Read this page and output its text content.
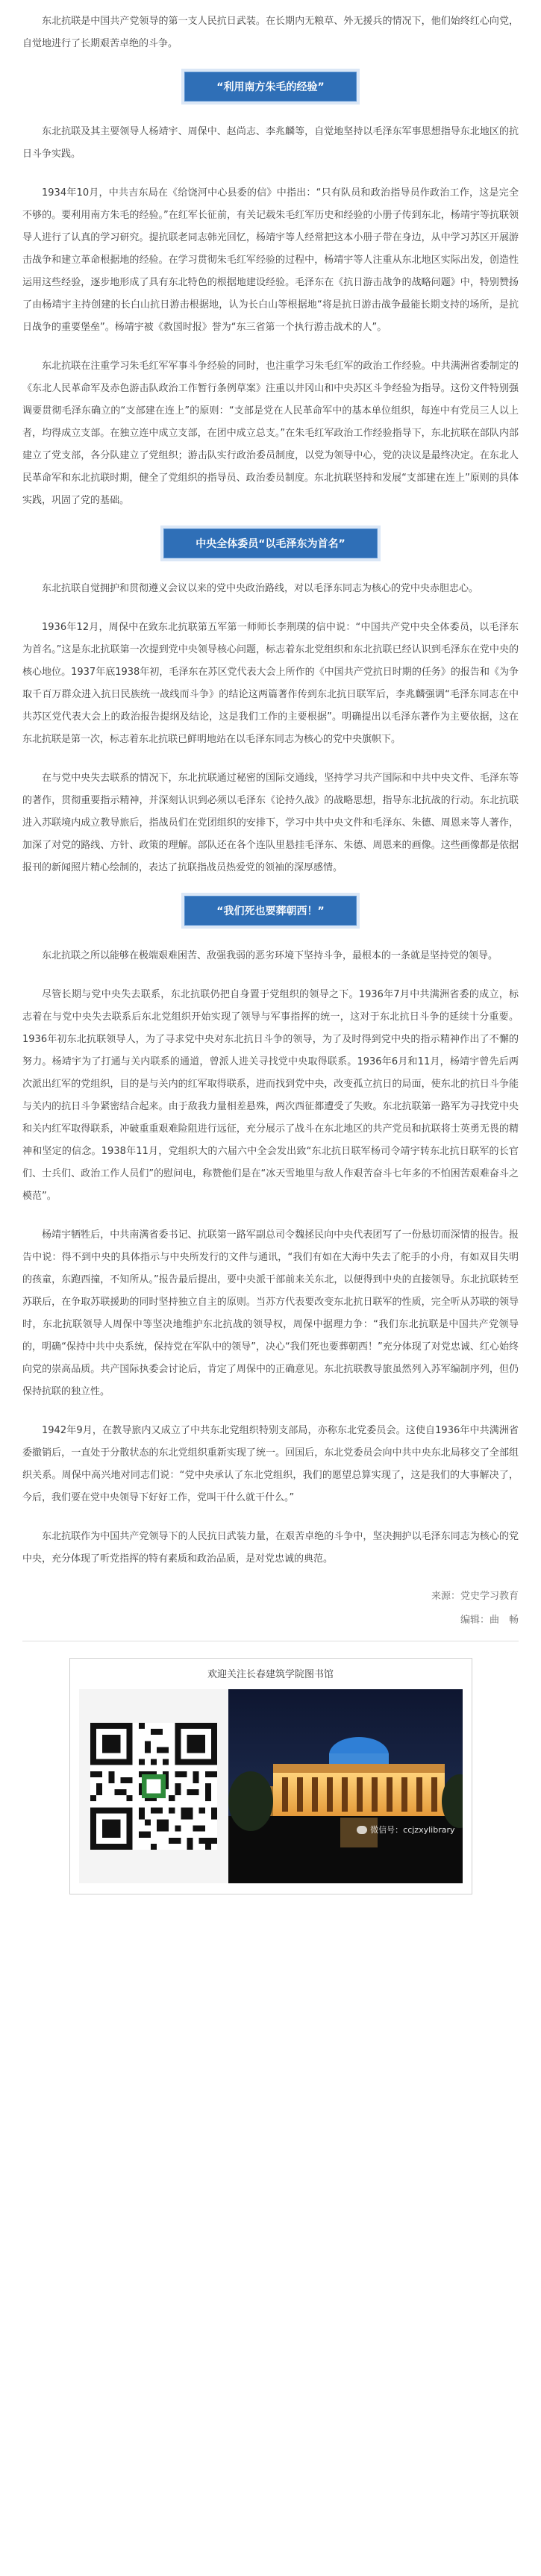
东北抗联是中国共产党领导的第一支人民抗日武装。在长期内无粮草、外无援兵的情况下，他们始终红心向党，自觉地进行了长期艰苦卓绝的斗争。

“利用南方朱毛的经验”

东北抗联及其主要领导人杨靖宇、周保中、赵尚志、李兆麟等，自觉地坚持以毛泽东军事思想指导东北地区的抗日斗争实践。

1934年10月，中共吉东局在《给饶河中心县委的信》中指出：“只有队员和政治指导员作政治工作，这是完全不够的。要利用南方朱毛的经验。”在红军长征前，有关记载朱毛红军历史和经验的小册子传到东北，杨靖宇等抗联领导人进行了认真的学习研究。提抗联老同志韩光回忆，杨靖宇等人经常把这本小册子带在身边，从中学习苏区开展游击战争和建立革命根据地的经验。在学习贯彻朱毛红军经验的过程中，杨靖宇等人注重从东北地区实际出发，创造性运用这些经验，逐步地形成了具有东北特色的根据地建设经验。毛泽东在《抗日游击战争的战略问题》中，特别赞扬了由杨靖宇主持创建的长白山抗日游击根据地，认为长白山等根据地“将是抗日游击战争最能长期支持的场所，是抗日战争的重要堡垒”。杨靖宇被《救国时报》誉为“东三省第一个执行游击战术的人”。

东北抗联在注重学习朱毛红军军事斗争经验的同时，也注重学习朱毛红军的政治工作经验。中共满洲省委制定的《东北人民革命军及赤色游击队政治工作暂行条例草案》注重以井冈山和中央苏区斗争经验为指导。这份文件特别强调要贯彻毛泽东确立的“支部建在连上”的原则：“支部是党在人民革命军中的基本单位组织，每连中有党员三人以上者，均得成立支部。在独立连中成立支部，在团中成立总支。”在朱毛红军政治工作经验指导下，东北抗联在部队内部建立了党支部，各分队建立了党组织；游击队实行政治委员制度，以党为领导中心，党的决议是最终决定。在东北人民革命军和东北抗联时期，健全了党组织的指导员、政治委员制度。东北抗联坚持和发展“支部建在连上”原则的具体实践，巩固了党的基础。

中央全体委员“以毛泽东为首名”

东北抗联自觉拥护和贯彻遵义会议以来的党中央政治路线，对以毛泽东同志为核心的党中央赤胆忠心。

1936年12月，周保中在致东北抗联第五军第一师师长李荆璞的信中说：“中国共产党中央全体委员，以毛泽东为首名。”这是东北抗联第一次提到党中央领导核心问题，标志着东北党组织和东北抗联已经认识到毛泽东在党中央的核心地位。1937年底1938年初，毛泽东在苏区党代表大会上所作的《中国共产党抗日时期的任务》的报告和《为争取千百万群众进入抗日民族统一战线而斗争》的结论这两篇著作传到东北抗日联军后，李兆麟强调“毛泽东同志在中共苏区党代表大会上的政治报告提纲及结论，这是我们工作的主要根据”。明确提出以毛泽东著作为主要依据，这在东北抗联是第一次，标志着东北抗联已鲜明地站在以毛泽东同志为核心的党中央旗帜下。

在与党中央失去联系的情况下，东北抗联通过秘密的国际交通线，坚持学习共产国际和中共中央文件、毛泽东等的著作，贯彻重要指示精神，并深刻认识到必须以毛泽东《论持久战》的战略思想，指导东北抗战的行动。东北抗联进入苏联境内成立教导旅后，指战员们在党团组织的安排下，学习中共中央文件和毛泽东、朱德、周恩来等人著作，加深了对党的路线、方针、政策的理解。部队还在各个连队里悬挂毛泽东、朱德、周恩来的画像。这些画像都是依据报刊的新闻照片精心绘制的，表达了抗联指战员热爱党的领袖的深厚感情。

“我们死也要葬朝西！”

东北抗联之所以能够在极端艰难困苦、敌强我弱的恶劣环境下坚持斗争，最根本的一条就是坚持党的领导。

尽管长期与党中央失去联系，东北抗联仍把自身置于党组织的领导之下。1936年7月中共满洲省委的成立，标志着在与党中央失去联系后东北党组织开始实现了领导与军事指挥的统一，这对于东北抗日斗争的延续十分重要。1936年初东北抗联领导人，为了寻求党中央对东北抗日斗争的领导，为了及时得到党中央的指示精神作出了不懈的努力。杨靖宇为了打通与关内联系的通道，曾派人进关寻找党中央取得联系。1936年6月和11月，杨靖宇曾先后两次派出红军的党组织，目的是与关内的红军取得联系，进而找到党中央，改变孤立抗日的局面，使东北的抗日斗争能与关内的抗日斗争紧密结合起来。由于敌我力量相差悬殊，两次西征都遭受了失败。东北抗联第一路军为寻找党中央和关内红军取得联系，冲破重重艰难险阻进行远征，充分展示了战斗在东北地区的共产党员和抗联将士英勇无畏的精神和坚定的信念。1938年11月，党组织大的六届六中全会发出致“东北抗日联军杨司令靖宇转东北抗日联军的长官们、士兵们、政治工作人员们”的慰问电，称赞他们是在“冰天雪地里与敌人作艰苦奋斗七年多的不怕困苦艰难奋斗之模范”。

杨靖宇牺牲后，中共南满省委书记、抗联第一路军副总司令魏拯民向中央代表团写了一份悬切而深情的报告。报告中说：得不到中央的具体指示与中央所发行的文件与通讯，“我们有如在大海中失去了舵手的小舟，有如双目失明的孩童，东跑西撞，不知所从。”报告最后提出，要中央派干部前来关东北，以便得到中央的直接领导。东北抗联转至苏联后，在争取苏联援助的同时坚持独立自主的原则。当苏方代表要改变东北抗日联军的性质，完全听从苏联的领导时，东北抗联领导人周保中等坚决地维护东北抗战的领导权，周保中据理力争：“我们东北抗联是中国共产党领导的，明确“保持中共中央系统，保持党在军队中的领导”，决心“我们死也要葬朝西！”充分体现了对党忠诚、红心始终向党的崇高品质。共产国际执委会讨论后，肯定了周保中的正确意见。东北抗联教导旅虽然列入苏军编制序列，但仍保持抗联的独立性。

1942年9月，在教导旅内又成立了中共东北党组织特别支部局，亦称东北党委员会。这使自1936年中共满洲省委撤销后，一直处于分散状态的东北党组织重新实现了统一。回国后，东北党委员会向中共中央东北局移交了全部组织关系。周保中高兴地对同志们说：“党中央承认了东北党组织，我们的愿望总算实现了，这是我们的大事解决了，今后，我们要在党中央领导下好好工作，党叫干什么就干什么。”

东北抗联作为中国共产党领导下的人民抗日武装力量，在艰苦卓绝的斗争中，坚决拥护以毛泽东同志为核心的党中央，充分体现了听党指挥的特有素质和政治品质，是对党忠诚的典范。

来源：党史学习教育
编辑：曲　畅
欢迎关注长春建筑学院图书馆
微信号：ccjzxylibrary
